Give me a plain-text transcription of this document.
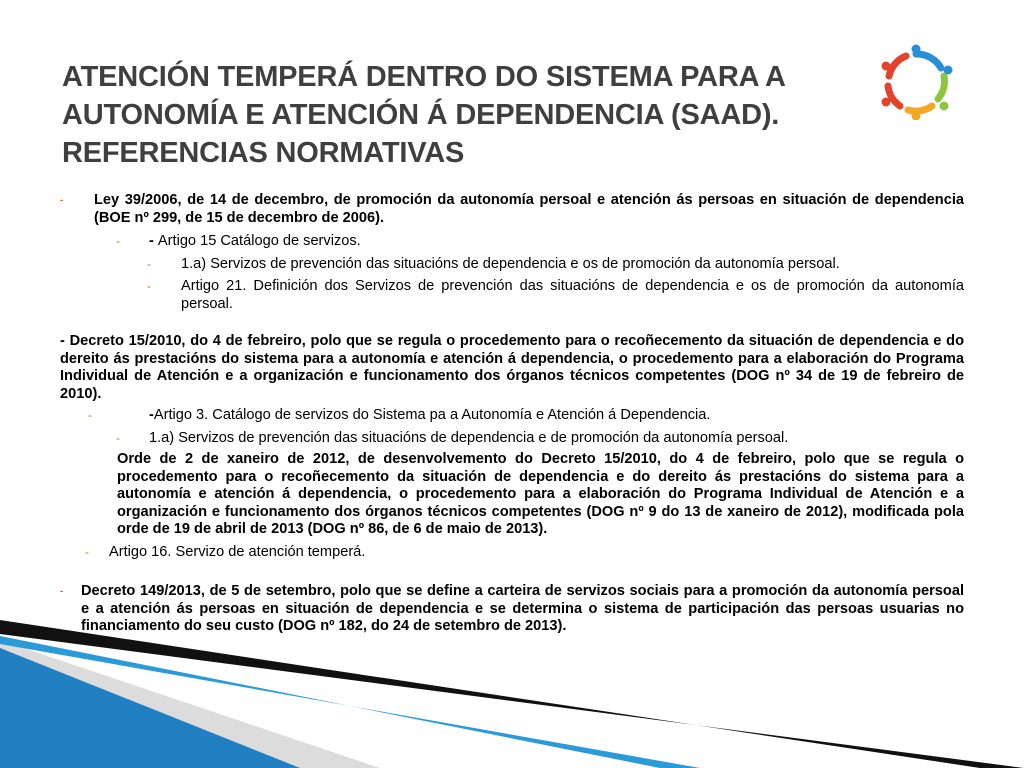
ATENCIÓN TEMPERÁ DENTRO DO SISTEMA PARA A
AUTONOMÍA E ATENCIÓN Á DEPENDENCIA (SAAD).
REFERENCIAS NORMATIVAS
- Ley 39/2006, de 14 de decembro, de promoción da autonomía persoal e atención ás persoas en situación de dependencia (BOE nº 299, de 15 de decembro de 2006).
- - Artigo 15 Catálogo de servizos.
- 1.a) Servizos de prevención das situacións de dependencia e os de promoción da autonomía persoal.
- Artigo 21. Definición dos Servizos de prevención das situacións de dependencia e os de promoción da autonomía persoal.
- Decreto 15/2010, do 4 de febreiro, polo que se regula o procedemento para o recoñecemento da situación de dependencia e do dereito ás prestacións do sistema para a autonomía e atención á dependencia, o procedemento para a elaboración do Programa Individual de Atención e a organización e funcionamento dos órganos técnicos competentes (DOG nº 34 de 19 de febreiro de 2010).
-	-Artigo 3. Catálogo de servizos do Sistema pa a Autonomía e Atención á Dependencia.
- 1.a) Servizos de prevención das situacións de dependencia e de promoción da autonomía persoal.
Orde de 2 de xaneiro de 2012, de desenvolvemento do Decreto 15/2010, do 4 de febreiro, polo que se regula o procedemento para o recoñecemento da situación de dependencia e do dereito ás prestacións do sistema para a autonomía e atención á dependencia, o procedemento para a elaboración do Programa Individual de Atención e a organización e funcionamento dos órganos técnicos competentes (DOG nº 9 do 13 de xaneiro de 2012), modificada pola orde de 19 de abril de 2013 (DOG nº 86, de 6 de maio de 2013).
- Artigo 16. Servizo de atención temperá.
- Decreto 149/2013, de 5 de setembro, polo que se define a carteira de servizos sociais para a promoción da autonomía persoal e a atención ás persoas en situación de dependencia e se determina o sistema de participación das persoas usuarias no financiamento do seu custo (DOG nº 182, do 24 de setembro de 2013).
